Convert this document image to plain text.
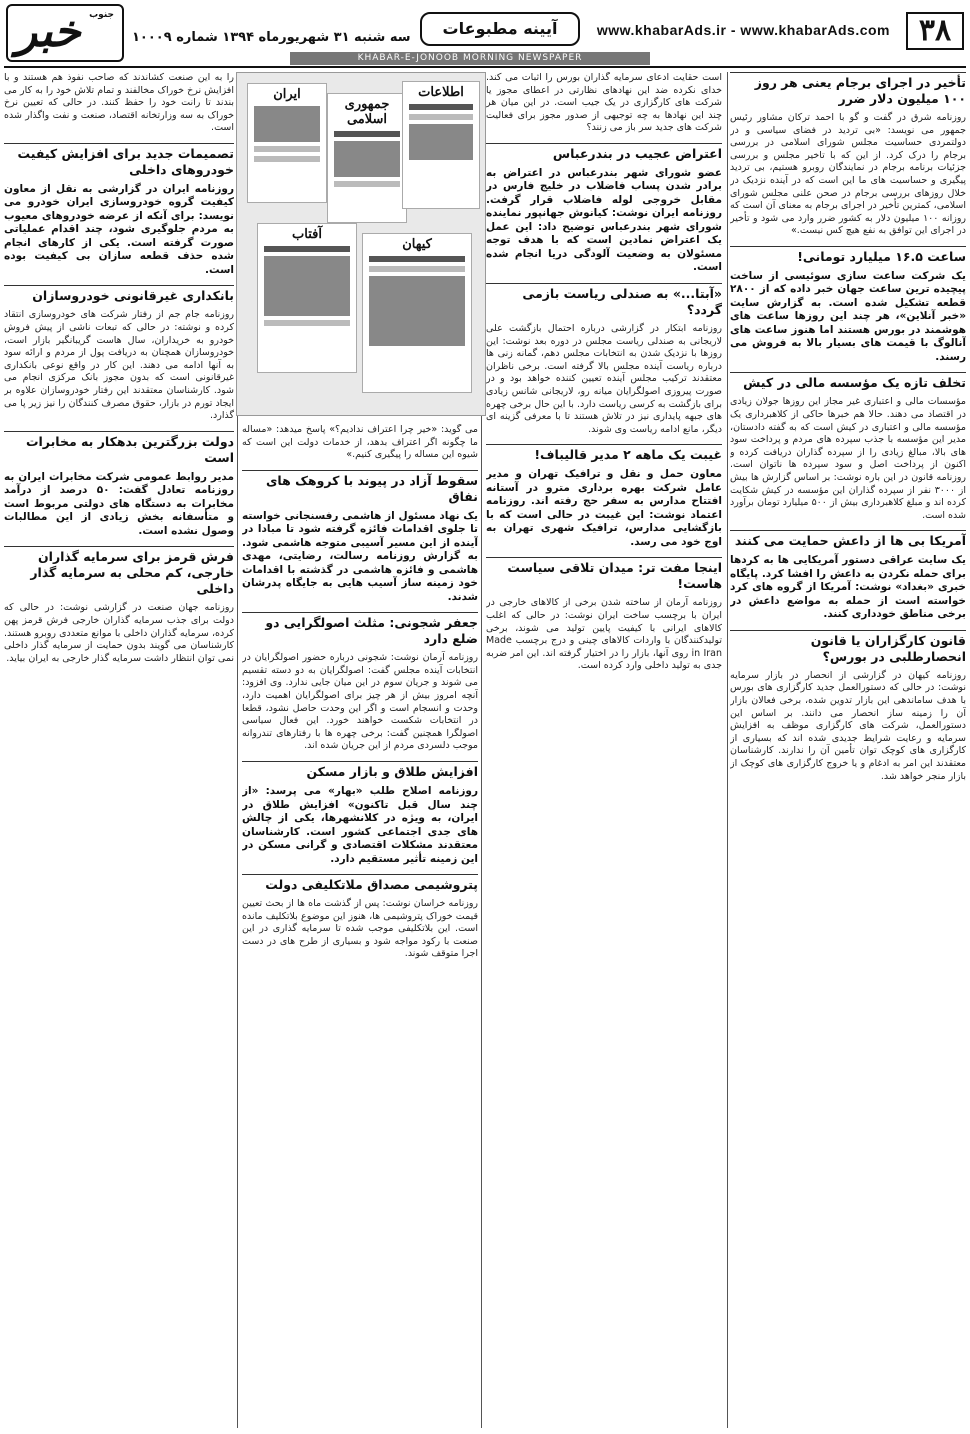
۳۸
www.khabarAds.ir - www.khabarAds.com
آیینه مطبوعات
سه شنبه ۳۱ شهریورماه ۱۳۹۴ شماره ۱۰۰۰۹
خبر جنوب
KHABAR-E-JONOOB MORNING NEWSPAPER
ایران
جمهوری اسلامی
اطلاعات
آفتاب
کیهان
تأخیر در اجرای برجام یعنی هر روز ۱۰۰ میلیون دلار ضرر
روزنامه شرق در گفت و گو با احمد ترکان مشاور رئیس جمهور می نویسد: «بی تردید در فضای سیاسی و در دولتمردی حساسیت مجلس شورای اسلامی در بررسی برجام را درک کرد. از این که با تاخیر مجلس و بررسی جزئیات برنامه برجام در نمایندگان روبرو هستیم، بی تردید پیگیری و حساسیت های ما این است که در آینده نزدیک در خلال روزهای بررسی برجام در صحن علنی مجلس شورای اسلامی، کمترین تأخیر در اجرای برجام به معنای آن است که روزانه ۱۰۰ میلیون دلار به کشور ضرر وارد می شود و تأخیر در اجرای این توافق به نفع هیچ کس نیست.»
ساعت ۱۶.۵ میلیارد تومانی!
یک شرکت ساعت سازی سوئیسی از ساخت پیچیده ترین ساعت جهان خبر داده که از ۲۸۰۰ قطعه تشکیل شده است. به گزارش سایت «خبر آنلاین»، هر چند این روزها ساعت های هوشمند در بورس هستند اما هنوز ساعت های آنالوگ با قیمت های بسیار بالا به فروش می رسند.
تخلف تازه یک مؤسسه مالی در کیش
مؤسسات مالی و اعتباری غیر مجاز این روزها جولان زیادی در اقتصاد می دهند. حالا هم خبرها حاکی از کلاهبرداری یک مؤسسه مالی و اعتباری در کیش است که به گفته دادستان، مدیر این مؤسسه با جذب سپرده های مردم و پرداخت سود های بالا، مبالغ زیادی را از سپرده گذاران دریافت کرده و اکنون از پرداخت اصل و سود سپرده ها ناتوان است. روزنامه قانون در این باره نوشت: بر اساس گزارش ها بیش از ۳۰۰۰ نفر از سپرده گذاران این مؤسسه در کیش شکایت کرده اند و مبلغ کلاهبرداری بیش از ۵۰۰ میلیارد تومان برآورد شده است.
آمریکا بی ها از داعش حمایت می کنند
یک سایت عراقی دستور آمریکایی ها به کردها برای حمله نکردن به داعش را افشا کرد. پایگاه خبری «بغداد» نوشت: آمریکا از گروه های کرد خواسته است از حمله به مواضع داعش در برخی مناطق خودداری کنند.
قانون کارگزاران یا قانون انحصارطلبی در بورس؟
روزنامه کیهان در گزارشی از انحصار در بازار سرمایه نوشت: در حالی که دستورالعمل جدید کارگزاری های بورس با هدف ساماندهی این بازار تدوین شده، برخی فعالان بازار آن را زمینه ساز انحصار می دانند. بر اساس این دستورالعمل، شرکت های کارگزاری موظف به افزایش سرمایه و رعایت شرایط جدیدی شده اند که بسیاری از کارگزاری های کوچک توان تأمین آن را ندارند. کارشناسان معتقدند این امر به ادغام و یا خروج کارگزاری های کوچک از بازار منجر خواهد شد.
است حقایت ادعای سرمایه گذاران بورس را اثبات می کند. خدای نکرده ضد این نهادهای نظارتی در اعطای مجوز یا شرکت های کارگزاری در یک جیب است. در این میان هر چند این نهادها به چه توجیهی از صدور مجوز برای فعالیت شرکت های جدید سر باز می زنند؟
اعتراض عجیب در بندرعباس
عضو شورای شهر بندرعباس در اعتراض به برادر شدن پساب فاضلاب در خلیج فارس در مقابل خروجی لوله فاضلاب قرار گرفت. روزنامه ایران نوشت: کیانوش جهانپور نماینده شورای شهر بندرعباس توضیح داد: این عمل یک اعتراض نمادین است که با هدف توجه مسئولان به وضعیت آلودگی دریا انجام شده است.
«آبتا...» به صندلی ریاست بازمی گردد؟
روزنامه ابتکار در گزارشی درباره احتمال بازگشت علی لاریجانی به صندلی ریاست مجلس در دوره بعد نوشت: این روزها با نزدیک شدن به انتخابات مجلس دهم، گمانه زنی ها درباره ریاست آینده مجلس بالا گرفته است. برخی ناظران معتقدند ترکیب مجلس آینده تعیین کننده خواهد بود و در صورت پیروزی اصولگرایان میانه رو، لاریجانی شانس زیادی برای بازگشت به کرسی ریاست دارد. با این حال برخی چهره های جبهه پایداری نیز در تلاش هستند تا با معرفی گزینه ای دیگر، مانع ادامه ریاست وی شوند.
غیبت یک ماهه ۲ مدیر قالیباف!
معاون حمل و نقل و ترافیک تهران و مدیر عامل شرکت بهره برداری مترو در آستانه افتتاح مدارس به سفر حج رفته اند. روزنامه اعتماد نوشت: این غیبت در حالی است که با بازگشایی مدارس، ترافیک شهری تهران به اوج خود می رسد.
اینجا مفت تر: میدان تلاقی سیاست هاست!
روزنامه آرمان از ساخته شدن برخی از کالاهای خارجی در ایران با برچسب ساخت ایران نوشت: در حالی که اغلب کالاهای ایرانی با کیفیت پایین تولید می شوند، برخی تولیدکنندگان با واردات کالاهای چینی و درج برچسب Made in Iran روی آنها، بازار را در اختیار گرفته اند. این امر ضربه جدی به تولید داخلی وارد کرده است.
می گوید: «خیر چرا اعتراف ندادیم؟» پاسخ میدهد: «مساله ما چگونه اگر اعتراف بدهد، از خدمات دولت این است که شیوه این مساله را پیگیری کنیم.»
سقوط آزاد در پیوند با کروهک های نفاق
یک نهاد مسئول از هاشمی رفسنجانی خواسته تا جلوی اقدامات فائزه گرفته شود تا مبادا در آینده از این مسیر آسیبی متوجه هاشمی شود. به گزارش روزنامه رسالت، رضایتی، مهدی هاشمی و فائزه هاشمی در گذشته با اقدامات خود زمینه ساز آسیب هایی به جایگاه پدرشان شدند.
جعفر شجونی: مثلث اصولگرایی دو ضلع دارد
روزنامه آرمان نوشت: شجونی درباره حضور اصولگرایان در انتخابات آینده مجلس گفت: اصولگرایان به دو دسته تقسیم می شوند و جریان سوم در این میان جایی ندارد. وی افزود: آنچه امروز بیش از هر چیز برای اصولگرایان اهمیت دارد، وحدت و انسجام است و اگر این وحدت حاصل نشود، قطعا در انتخابات شکست خواهند خورد. این فعال سیاسی اصولگرا همچنین گفت: برخی چهره ها با رفتارهای تندروانه موجب دلسردی مردم از این جریان شده اند.
افزایش طلاق و بازار مسکن
روزنامه اصلاح طلب «بهار» می پرسد: «از چند سال قبل تاکنون» افزایش طلاق در ایران، به ویژه در کلانشهرها، یکی از چالش های جدی اجتماعی کشور است. کارشناسان معتقدند مشکلات اقتصادی و گرانی مسکن در این زمینه تأثیر مستقیم دارد.
پتروشیمی مصداق ملاتکلیفی دولت
روزنامه خراسان نوشت: پس از گذشت ماه ها از بحث تعیین قیمت خوراک پتروشیمی ها، هنوز این موضوع بلاتکلیف مانده است. این بلاتکلیفی موجب شده تا سرمایه گذاری در این صنعت با رکود مواجه شود و بسیاری از طرح های در دست اجرا متوقف شوند.
را به این صنعت کشاندند که صاحب نفوذ هم هستند و با افزایش نرخ خوراک مخالفند و تمام تلاش خود را به کار می بندند تا رانت خود را حفظ کنند. در حالی که تعیین نرخ خوراک به سه وزارتخانه اقتصاد، صنعت و نفت واگذار شده است.
تصمیمات جدید برای افزایش کیفیت خودروهای داخلی
روزنامه ایران در گزارشی به نقل از معاون کیفیت گروه خودروسازی ایران خودرو می نویسد: برای آنکه از عرضه خودروهای معیوب به مردم جلوگیری شود، چند اقدام عملیاتی صورت گرفته است. یکی از کارهای انجام شده حذف قطعه سازان بی کیفیت بوده است.
بانکداری غیرقانونی خودروسازان
روزنامه جام جم از رفتار شرکت های خودروسازی انتقاد کرده و نوشته: در حالی که تبعات ناشی از پیش فروش خودرو به خریداران، سال هاست گریبانگیر بازار است، خودروسازان همچنان به دریافت پول از مردم و ارائه سود به آنها ادامه می دهند. این کار در واقع نوعی بانکداری غیرقانونی است که بدون مجوز بانک مرکزی انجام می شود. کارشناسان معتقدند این رفتار خودروسازان علاوه بر ایجاد تورم در بازار، حقوق مصرف کنندگان را نیز زیر پا می گذارد.
دولت بزرگترین بدهکار به مخابرات است
مدیر روابط عمومی شرکت مخابرات ایران به روزنامه تعادل گفت: ۵۰ درصد از درآمد مخابرات به دستگاه های دولتی مربوط است و متأسفانه بخش زیادی از این مطالبات وصول نشده است.
فرش قرمز برای سرمایه گذاران خارجی، کم محلی به سرمایه گذار داخلی
روزنامه جهان صنعت در گزارشی نوشت: در حالی که دولت برای جذب سرمایه گذاران خارجی فرش قرمز پهن کرده، سرمایه گذاران داخلی با موانع متعددی روبرو هستند. کارشناسان می گویند بدون حمایت از سرمایه گذار داخلی نمی توان انتظار داشت سرمایه گذار خارجی به ایران بیاید.
